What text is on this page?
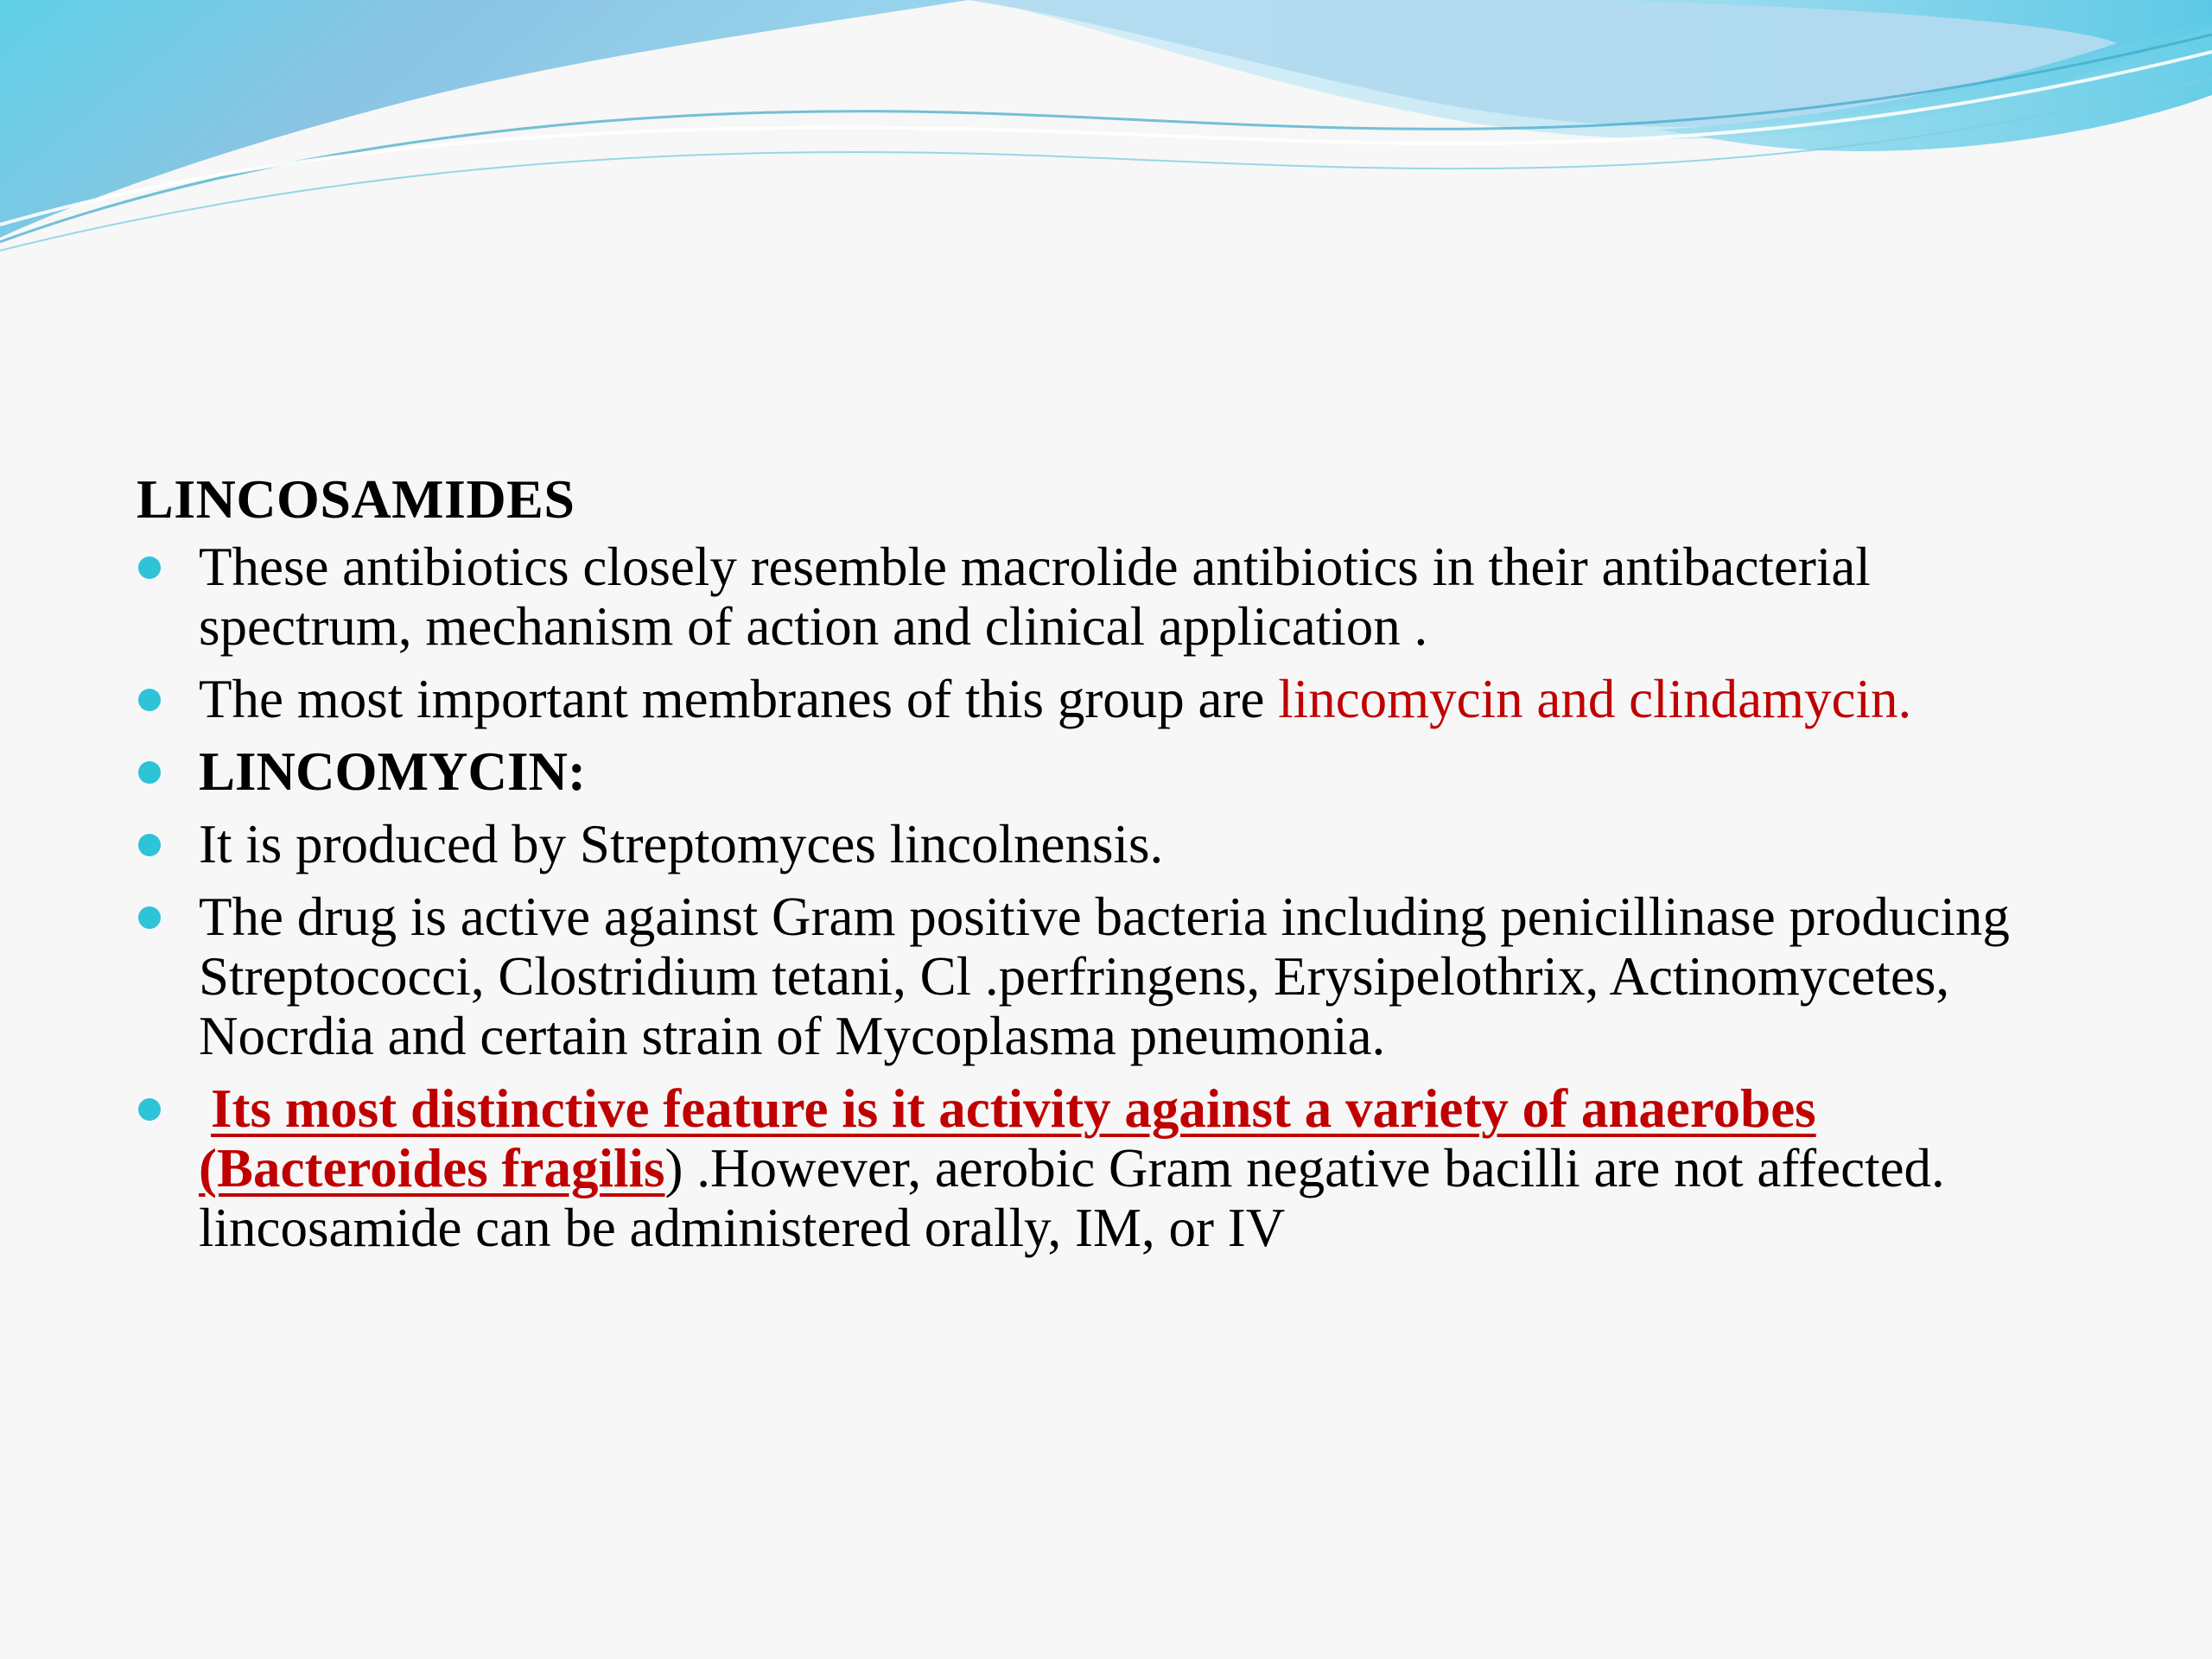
LINCOSAMIDES
These antibiotics closely resemble macrolide antibiotics in their antibacterial spectrum, mechanism of action and clinical application .
The most important membranes of this group are lincomycin and clindamycin.
LINCOMYCIN:
It is produced by Streptomyces lincolnensis.
The drug is active against Gram positive bacteria including penicillinase producing Streptococci, Clostridium tetani, Cl .perfringens, Erysipelothrix, Actinomycetes, Nocrdia and certain strain of Mycoplasma pneumonia.
Its most distinctive feature is it activity against a variety of anaerobes (Bacteroides fragilis) .However, aerobic Gram negative bacilli are not affected. lincosamide can be administered orally, IM, or IV
